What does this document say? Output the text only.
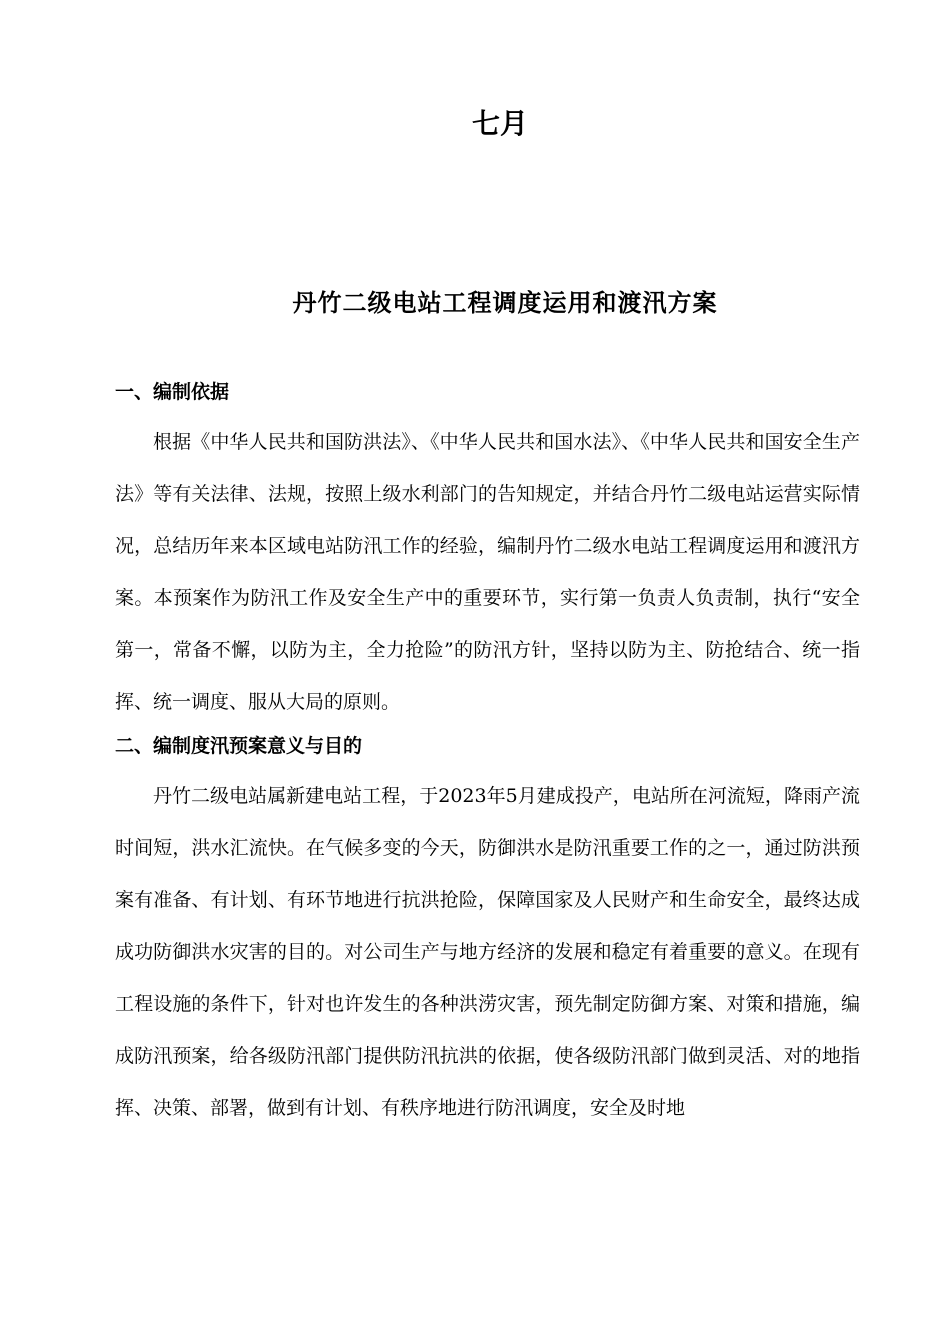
七月
丹竹二级电站工程调度运用和渡汛方案
一、编制依据

根据《中华人民共和国防洪法》、《中华人民共和国水法》、《中华人民共和国安全生产法》等有关法律、法规，按照上级水利部门的告知规定，并结合丹竹二级电站运营实际情况，总结历年来本区域电站防汛工作的经验，编制丹竹二级水电站工程调度运用和渡汛方案。本预案作为防汛工作及安全生产中的重要环节，实行第一负责人负责制，执行“安全第一，常备不懈，以防为主，全力抢险”的防汛方针，坚持以防为主、防抢结合、统一指挥、统一调度、服从大局的原则。

二、编制度汛预案意义与目的

丹竹二级电站属新建电站工程，于2023年5月建成投产，电站所在河流短，降雨产流时间短，洪水汇流快。在气候多变的今天，防御洪水是防汛重要工作的之一，通过防洪预案有准备、有计划、有环节地进行抗洪抢险，保障国家及人民财产和生命安全，最终达成成功防御洪水灾害的目的。对公司生产与地方经济的发展和稳定有着重要的意义。在现有工程设施的条件下，针对也许发生的各种洪涝灾害，预先制定防御方案、对策和措施，编成防汛预案，给各级防汛部门提供防汛抗洪的依据，使各级防汛部门做到灵活、对的地指挥、决策、部署，做到有计划、有秩序地进行防汛调度，安全及时地
